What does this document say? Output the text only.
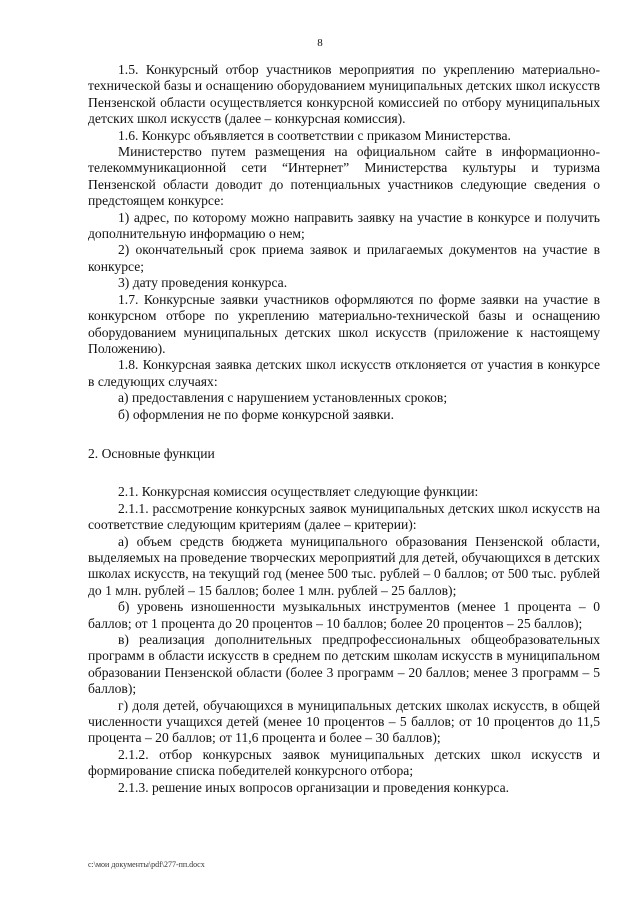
8

1.5. Конкурсный отбор участников мероприятия по укреплению материально-технической базы и оснащению оборудованием муниципальных детских школ искусств Пензенской области осуществляется конкурсной комиссией по отбору муниципальных детских школ искусств (далее – конкурсная комиссия).

1.6. Конкурс объявляется в соответствии с приказом Министерства.

Министерство путем размещения на официальном сайте в информационно-телекоммуникационной сети “Интернет” Министерства культуры и туризма Пензенской области доводит до потенциальных участников следующие сведения о предстоящем конкурсе:

1) адрес, по которому можно направить заявку на участие в конкурсе и получить дополнительную информацию о нем;

2) окончательный срок приема заявок и прилагаемых документов на участие в конкурсе;

3) дату проведения конкурса.

1.7. Конкурсные заявки участников оформляются по форме заявки на участие в конкурсном отборе по укреплению материально-технической базы и оснащению оборудованием муниципальных детских школ искусств (приложение к настоящему Положению).

1.8. Конкурсная заявка детских школ искусств отклоняется от участия в конкурсе в следующих случаях:

а) предоставления с нарушением установленных сроков;

б) оформления не по форме конкурсной заявки.

2. Основные функции

2.1. Конкурсная комиссия осуществляет следующие функции:

2.1.1. рассмотрение конкурсных заявок муниципальных детских школ искусств на соответствие следующим критериям (далее – критерии):

а) объем средств бюджета муниципального образования Пензенской области, выделяемых на проведение творческих мероприятий для детей, обучающихся в детских школах искусств, на текущий год (менее 500 тыс. рублей – 0 баллов; от 500 тыс. рублей до 1 млн. рублей – 15 баллов; более 1 млн. рублей – 25 баллов);

б) уровень изношенности музыкальных инструментов (менее 1 процента – 0 баллов; от 1 процента до 20 процентов – 10 баллов; более 20 процентов – 25 баллов);

в) реализация дополнительных предпрофессиональных общеобразовательных программ в области искусств в среднем по детским школам искусств в муниципальном образовании Пензенской области (более 3 программ – 20 баллов; менее 3 программ – 5 баллов);

г) доля детей, обучающихся в муниципальных детских школах искусств, в общей численности учащихся детей (менее 10 процентов – 5 баллов; от 10 процентов до 11,5 процента – 20 баллов; от 11,6 процента и более – 30 баллов);

2.1.2. отбор конкурсных заявок муниципальных детских школ искусств и формирование списка победителей конкурсного отбора;

2.1.3. решение иных вопросов организации и проведения конкурса.

c:\мои документы\pdf\277-пп.docx
